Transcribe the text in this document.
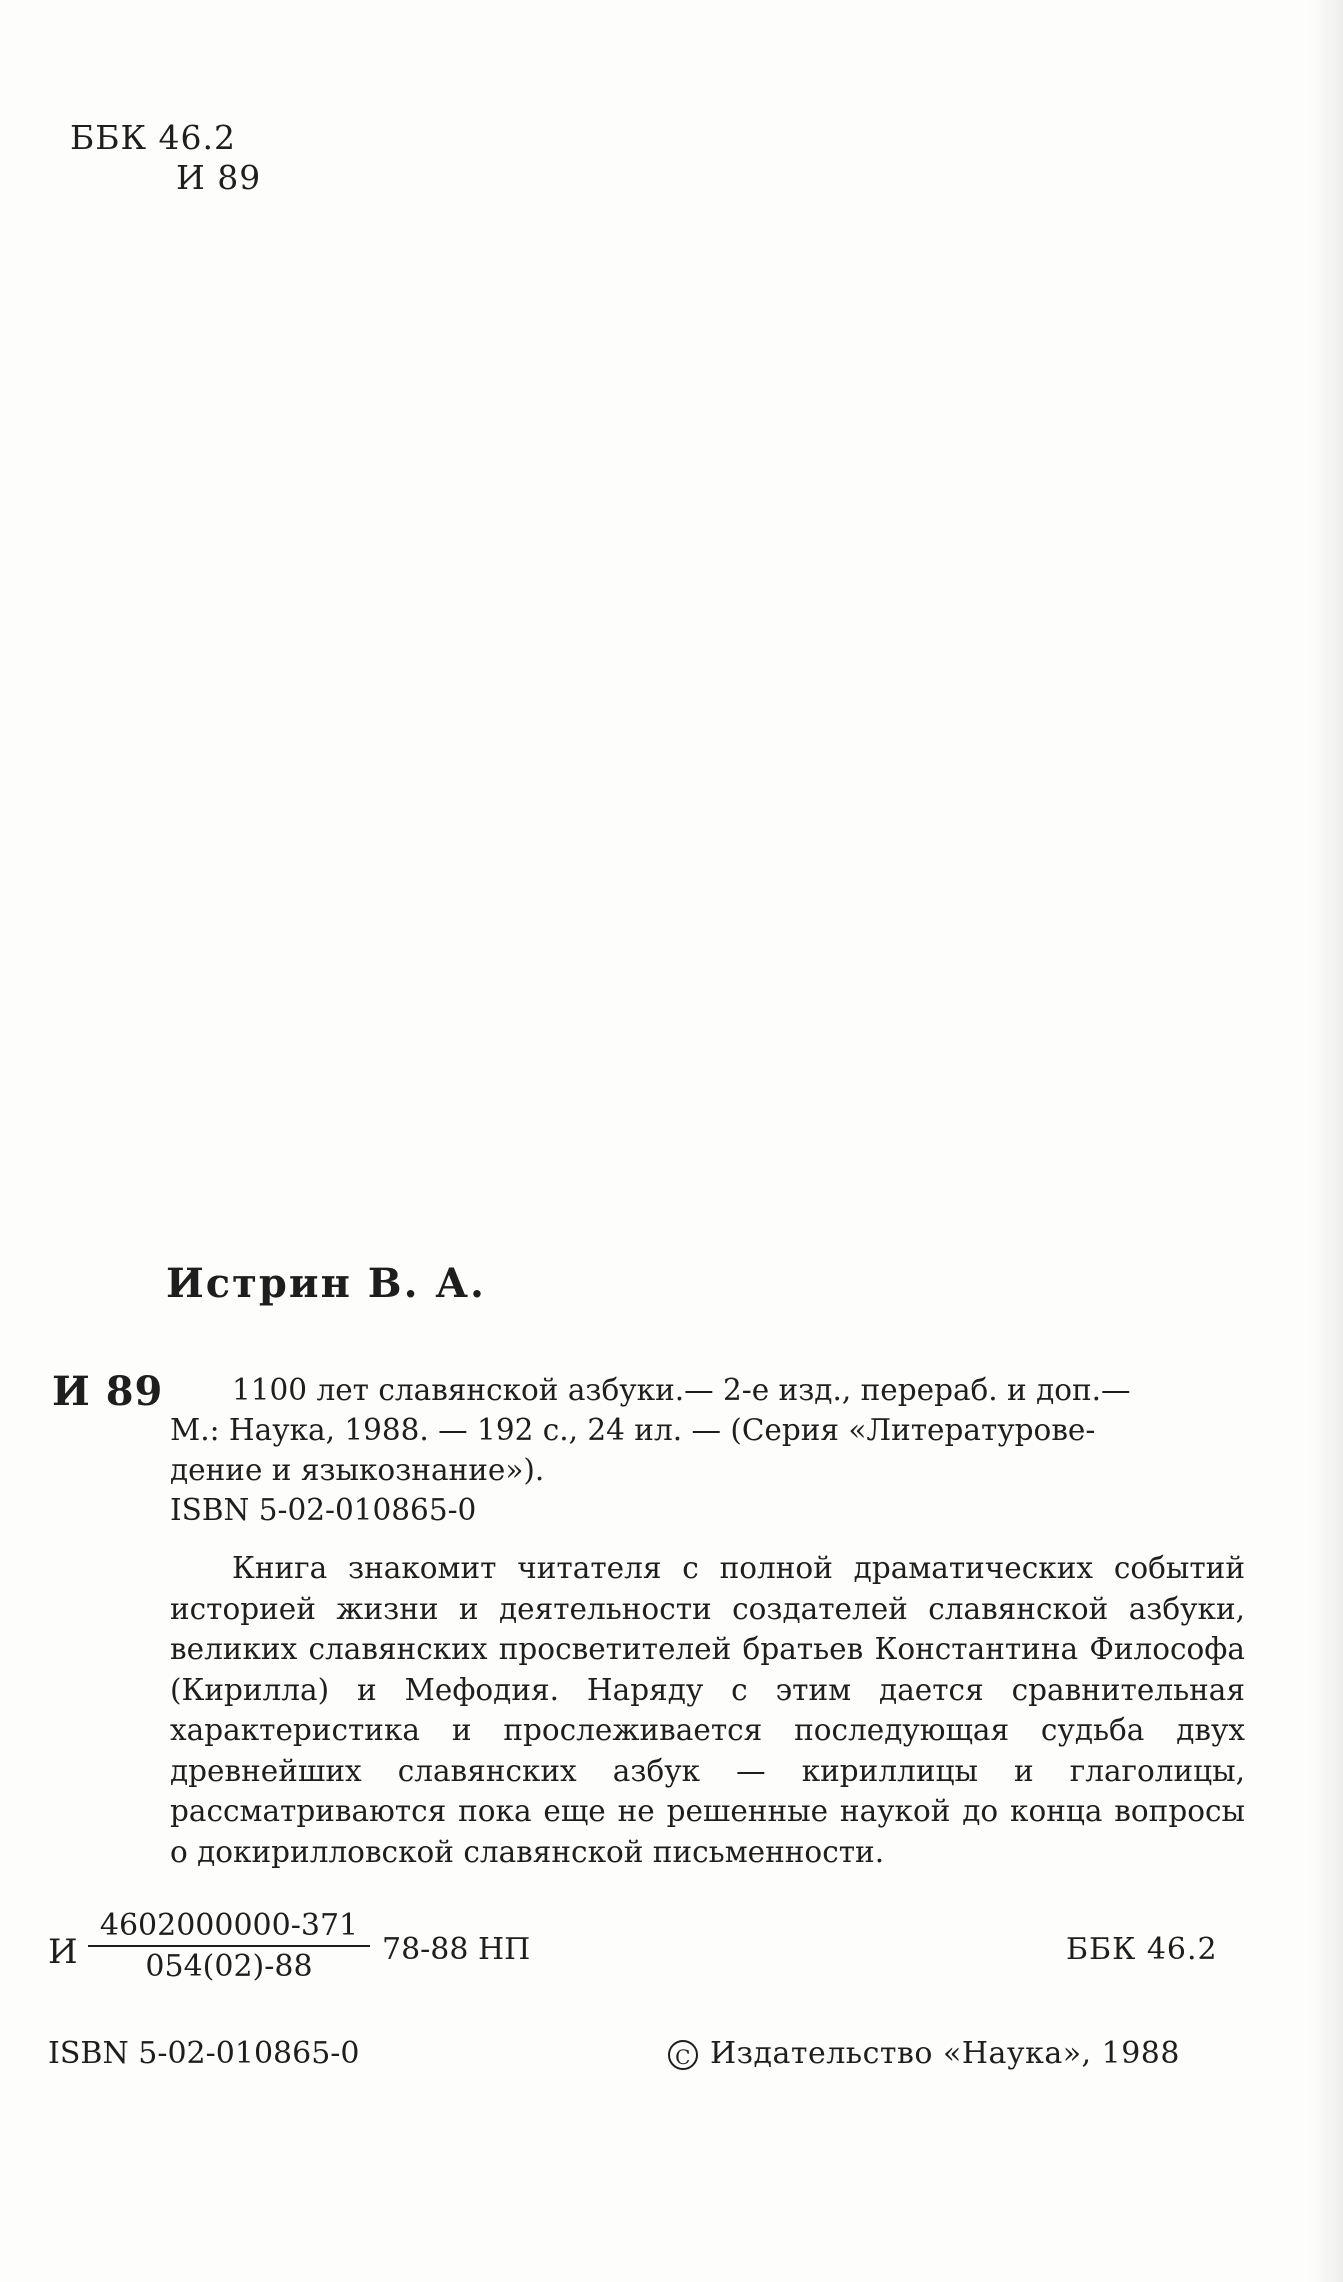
ББК 46.2
И 89
Истрин В. А.
И 89	1100 лет славянской азбуки.— 2-е изд., перераб. и доп.—
М.: Наука, 1988. — 192 с., 24 ил. — (Серия «Литературове-
дение и языкознание»).
ISBN 5-02-010865-0
Книга знакомит читателя с полной драматических событий историей жизни и деятельности создателей славянской азбуки, великих славянских просветителей братьев Константина Философа (Кирилла) и Мефодия. Наряду с этим дается сравнительная характеристика и прослеживается последующая судьба двух древнейших славянских азбук — кириллицы и глаголицы, рассматриваются пока еще не решенные наукой до конца вопросы о докирилловской славянской письменности.
И $\frac{4602000000-371}{054(02)-88} 78-88$ НП	ББК 46.2
ISBN 5-02-010865-0	C Издательство «Наука», 1988
